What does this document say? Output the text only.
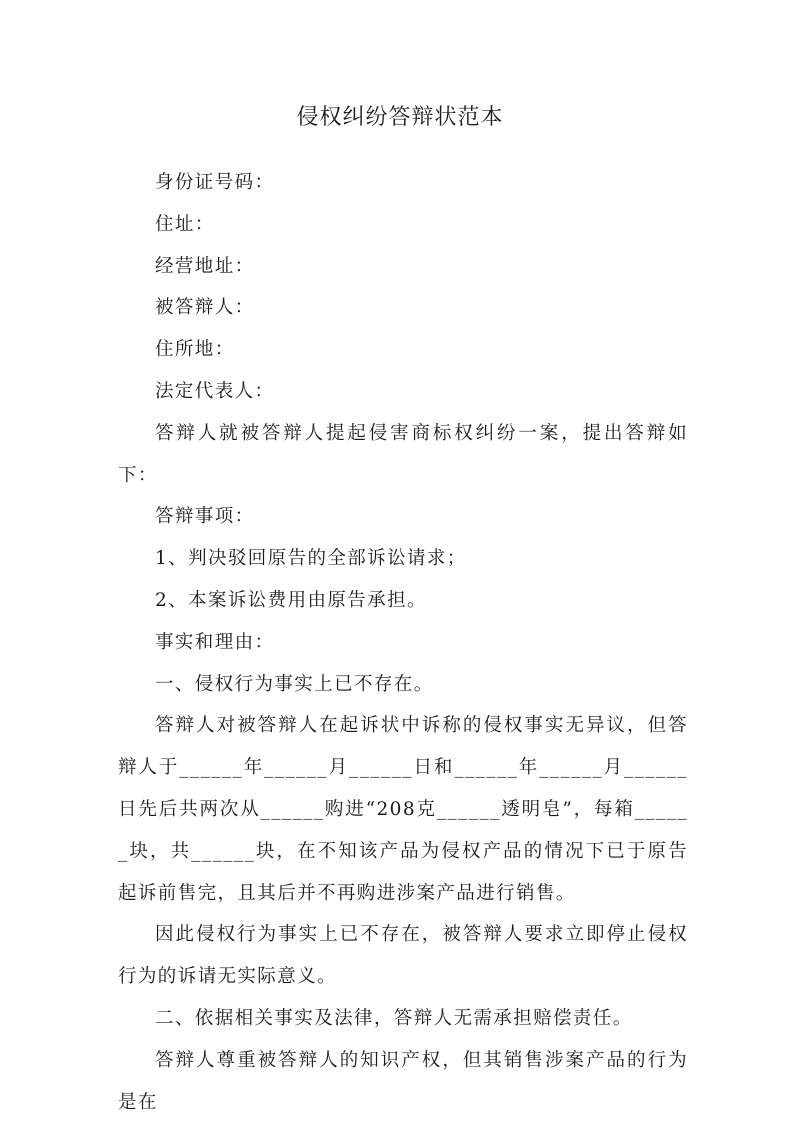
侵权纠纷答辩状范本

身份证号码：

住址：

经营地址：

被答辩人：

住所地：

法定代表人：

答辩人就被答辩人提起侵害商标权纠纷一案，提出答辩如下：

答辩事项：

1、判决驳回原告的全部诉讼请求；

2、本案诉讼费用由原告承担。

事实和理由：

一、侵权行为事实上已不存在。

答辩人对被答辩人在起诉状中诉称的侵权事实无异议，但答辩人于______年______月______日和______年______月______日先后共两次从______购进“208克______透明皂”，每箱______块，共______块，在不知该产品为侵权产品的情况下已于原告起诉前售完，且其后并不再购进涉案产品进行销售。

因此侵权行为事实上已不存在，被答辩人要求立即停止侵权行为的诉请无实际意义。

二、依据相关事实及法律，答辩人无需承担赔偿责任。

答辩人尊重被答辩人的知识产权，但其销售涉案产品的行为是在
